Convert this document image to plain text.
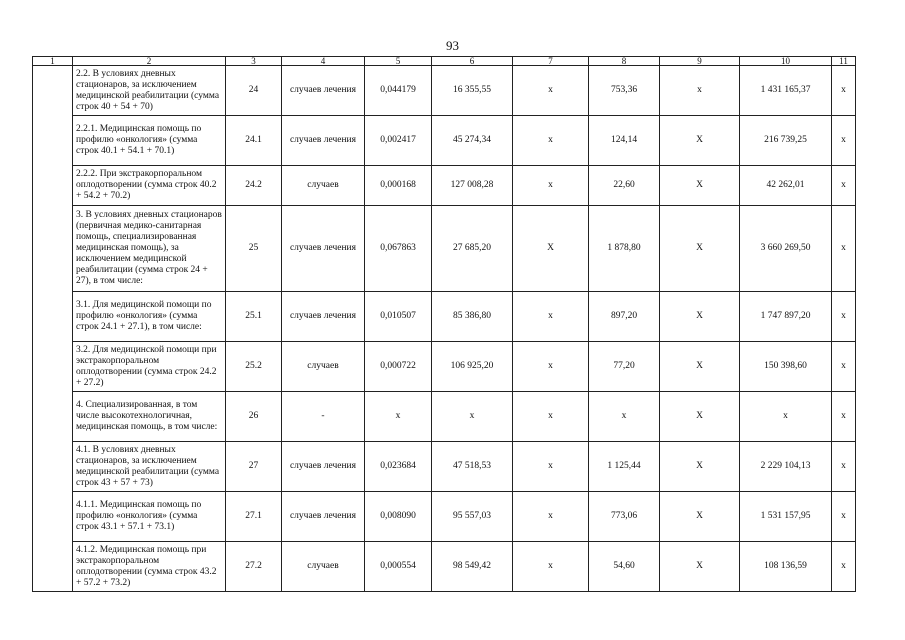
93
1	2	3	4	5	6	7	8	9	10	11
	2.2. В условиях дневных стационаров, за исключением медицинской реабилитации (сумма строк 40 + 54 + 70)	24	случаев лечения	0,044179	16 355,55	х	753,36	х	1 431 165,37	х
	2.2.1. Медицинская помощь по профилю «онкология» (сумма строк 40.1 + 54.1 + 70.1)	24.1	случаев лечения	0,002417	45 274,34	х	124,14	Х	216 739,25	х
	2.2.2. При экстракорпоральном оплодотворении (сумма строк 40.2 + 54.2 + 70.2)	24.2	случаев	0,000168	127 008,28	х	22,60	Х	42 262,01	х
	3. В условиях дневных стационаров (первичная медико-санитарная помощь, специализированная медицинская помощь), за исключением медицинской реабилитации (сумма строк 24 + 27), в том числе:	25	случаев лечения	0,067863	27 685,20	Х	1 878,80	Х	3 660 269,50	х
	3.1. Для медицинской помощи по профилю «онкология» (сумма строк 24.1 + 27.1), в том числе:	25.1	случаев лечения	0,010507	85 386,80	х	897,20	Х	1 747 897,20	х
	3.2. Для медицинской помощи при экстракорпоральном оплодотворении (сумма строк 24.2 + 27.2)	25.2	случаев	0,000722	106 925,20	х	77,20	Х	150 398,60	х
	4. Специализированная, в том числе высокотехнологичная, медицинская помощь, в том числе:	26	-	х	х	х	х	Х	х	х
	4.1. В условиях дневных стационаров, за исключением медицинской реабилитации (сумма строк 43 + 57 + 73)	27	случаев лечения	0,023684	47 518,53	х	1 125,44	Х	2 229 104,13	х
	4.1.1. Медицинская помощь по профилю «онкология» (сумма строк 43.1 + 57.1 + 73.1)	27.1	случаев лечения	0,008090	95 557,03	х	773,06	Х	1 531 157,95	х
	4.1.2. Медицинская помощь при экстракорпоральном оплодотворении (сумма строк 43.2 + 57.2 + 73.2)	27.2	случаев	0,000554	98 549,42	х	54,60	Х	108 136,59	х
